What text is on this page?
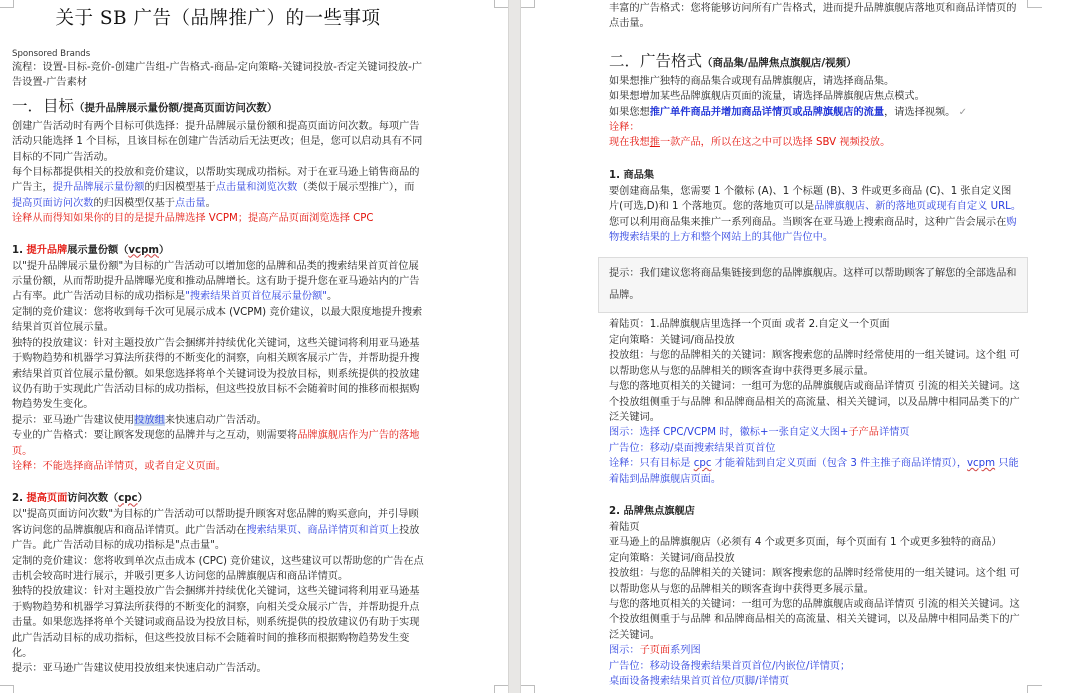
关于 SB 广告（品牌推广）的一些事项
Sponsored Brands

流程：设置-目标-竞价-创建广告组-广告格式-商品-定向策略-关键词投放-否定关键词投放-广告设置-广告素材

一．目标（提升品牌展示量份额/提高页面访问次数）

创建广告活动时有两个目标可供选择：提升品牌展示量份额和提高页面访问次数。每项广告活动只能选择 1 个目标，且该目标在创建广告活动后无法更改；但是，您可以启动具有不同目标的不同广告活动。

每个目标都提供相关的投放和竞价建议，以帮助实现成功指标。对于在亚马逊上销售商品的广告主，提升品牌展示量份额的归因模型基于点击量和浏览次数（类似于展示型推广），而提高页面访问次数的归因模型仅基于点击量。

诠释从而得知如果你的目的是提升品牌选择 VCPM；提高产品页面浏览选择 CPC

1. 提升品牌展示量份额（vcpm）

以"提升品牌展示量份额"为目标的广告活动可以增加您的品牌和品类的搜索结果首页首位展示量份额，从而帮助提升品牌曝光度和推动品牌增长。这有助于提升您在亚马逊站内的广告占有率。此广告活动目标的成功指标是"搜索结果首页首位展示量份额"。

定制的竞价建议：您将收到每千次可见展示成本 (VCPM) 竞价建议，以最大限度地提升搜索结果首页首位展示量。

独特的投放建议：针对主题投放广告会捆绑并持续优化关键词，这些关键词将利用亚马逊基于购物趋势和机器学习算法所获得的不断变化的洞察，向相关顾客展示广告，并帮助提升搜索结果首页首位展示量份额。如果您选择将单个关键词设为投放目标，则系统提供的投放建议仍有助于实现此广告活动目标的成功指标，但这些投放目标不会随着时间的推移而根据购物趋势发生变化。

提示：亚马逊广告建议使用投放组来快速启动广告活动。

专业的广告格式：要让顾客发现您的品牌并与之互动，则需要将品牌旗舰店作为广告的落地页。

诠释：不能选择商品详情页，或者自定义页面。

2. 提高页面访问次数（cpc）

以"提高页面访问次数"为目标的广告活动可以帮助提升顾客对您品牌的购买意向，并引导顾客访问您的品牌旗舰店和商品详情页。此广告活动在搜索结果页、商品详情页和首页上投放广告。此广告活动目标的成功指标是"点击量"。

定制的竞价建议：您将收到单次点击成本 (CPC) 竞价建议，这些建议可以帮助您的广告在点击机会较高时进行展示，并吸引更多人访问您的品牌旗舰店和商品详情页。

独特的投放建议：针对主题投放广告会捆绑并持续优化关键词，这些关键词将利用亚马逊基于购物趋势和机器学习算法所获得的不断变化的洞察，向相关受众展示广告，并帮助提升点击量。如果您选择将单个关键词或商品设为投放目标，则系统提供的投放建议仍有助于实现此广告活动目标的成功指标，但这些投放目标不会随着时间的推移而根据购物趋势发生变化。

提示：亚马逊广告建议使用投放组来快速启动广告活动。

丰富的广告格式：您将能够访问所有广告格式，进而提升品牌旗舰店落地页和商品详情页的点击量。

二．广告格式（商品集/品牌焦点旗舰店/视频）

如果想推广独特的商品集合或现有品牌旗舰店，请选择商品集。

如果想增加某些品牌旗舰店页面的流量，请选择品牌旗舰店焦点模式。

如果您想推广单件商品并增加商品详情页或品牌旗舰店的流量，请选择视频。 ✓

诠释：

现在我想推一款产品，所以在这之中可以选择 SBV 视频投放。

1. 商品集

要创建商品集，您需要 1 个徽标 (A)、1 个标题 (B)、3 件或更多商品 (C)、1 张自定义图片(可选,D)和 1 个落地页。您的落地页可以是品牌旗舰店、新的落地页或现有自定义 URL。您可以利用商品集来推广一系列商品。当顾客在亚马逊上搜索商品时，这种广告会展示在购物搜索结果的上方和整个网站上的其他广告位中。

提示：我们建议您将商品集链接到您的品牌旗舰店。这样可以帮助顾客了解您的全部选品和品牌。

着陆页：1.品牌旗舰店里选择一个页面 或者 2.自定义一个页面

定向策略：关键词/商品投放

投放组：与您的品牌相关的关键词：顾客搜索您的品牌时经常使用的一组关键词。这个组 可以帮助您从与您的品牌相关的顾客查询中获得更多展示量。

与您的落地页相关的关键词：一组可为您的品牌旗舰店或商品详情页 引流的相关关键词。这个投放组侧重于与品牌 和品牌商品相关的高流量、相关关键词，以及品牌中相同品类下的广泛关键词。

图示：选择 CPC/VCPM 时，徽标+一张自定义大图+子产品详情页

广告位：移动/桌面搜索结果首页首位

诠释：只有目标是 cpc 才能着陆到自定义页面（包含 3 件主推子商品详情页），vcpm 只能着陆到品牌旗舰店页面。

2. 品牌焦点旗舰店

着陆页

亚马逊上的品牌旗舰店（必须有 4 个或更多页面，每个页面有 1 个或更多独特的商品）

定向策略：关键词/商品投放

投放组：与您的品牌相关的关键词：顾客搜索您的品牌时经常使用的一组关键词。这个组 可以帮助您从与您的品牌相关的顾客查询中获得更多展示量。

与您的落地页相关的关键词：一组可为您的品牌旗舰店或商品详情页 引流的相关关键词。这个投放组侧重于与品牌 和品牌商品相关的高流量、相关关键词，以及品牌中相同品类下的广泛关键词。

图示：子页面系列图

广告位：移动设备搜索结果首页首位/内嵌位/详情页；

桌面设备搜索结果首页首位/页脚/详情页
